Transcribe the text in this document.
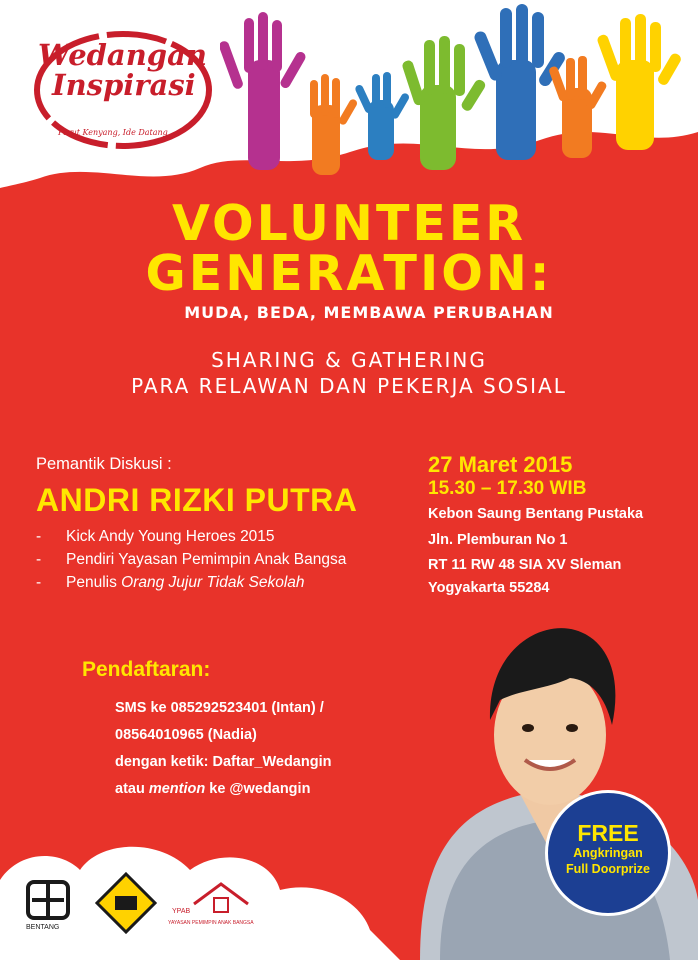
Wedangan
Inspirasi
Perut Kenyang, Ide Datang
VOLUNTEER
GENERATION:
MUDA, BEDA, MEMBAWA PERUBAHAN
SHARING & GATHERING
PARA RELAWAN DAN PEKERJA SOSIAL
Pemantik Diskusi :
ANDRI RIZKI PUTRA
- Kick Andy Young Heroes 2015
- Pendiri Yayasan Pemimpin Anak Bangsa
- Penulis Orang Jujur Tidak Sekolah
27 Maret 2015
15.30 – 17.30 WIB
Kebon Saung Bentang Pustaka
Jln. Plemburan No 1
RT 11 RW 48 SIA XV Sleman
Yogyakarta 55284
Pendaftaran:
SMS ke 085292523401 (Intan) /
08564010965 (Nadia)
dengan ketik: Daftar_Wedangin
atau mention ke @wedangin
FREE
Angkringan
Full Doorprize
BENTANG
YPAB
YAYASAN PEMIMPIN ANAK BANGSA
